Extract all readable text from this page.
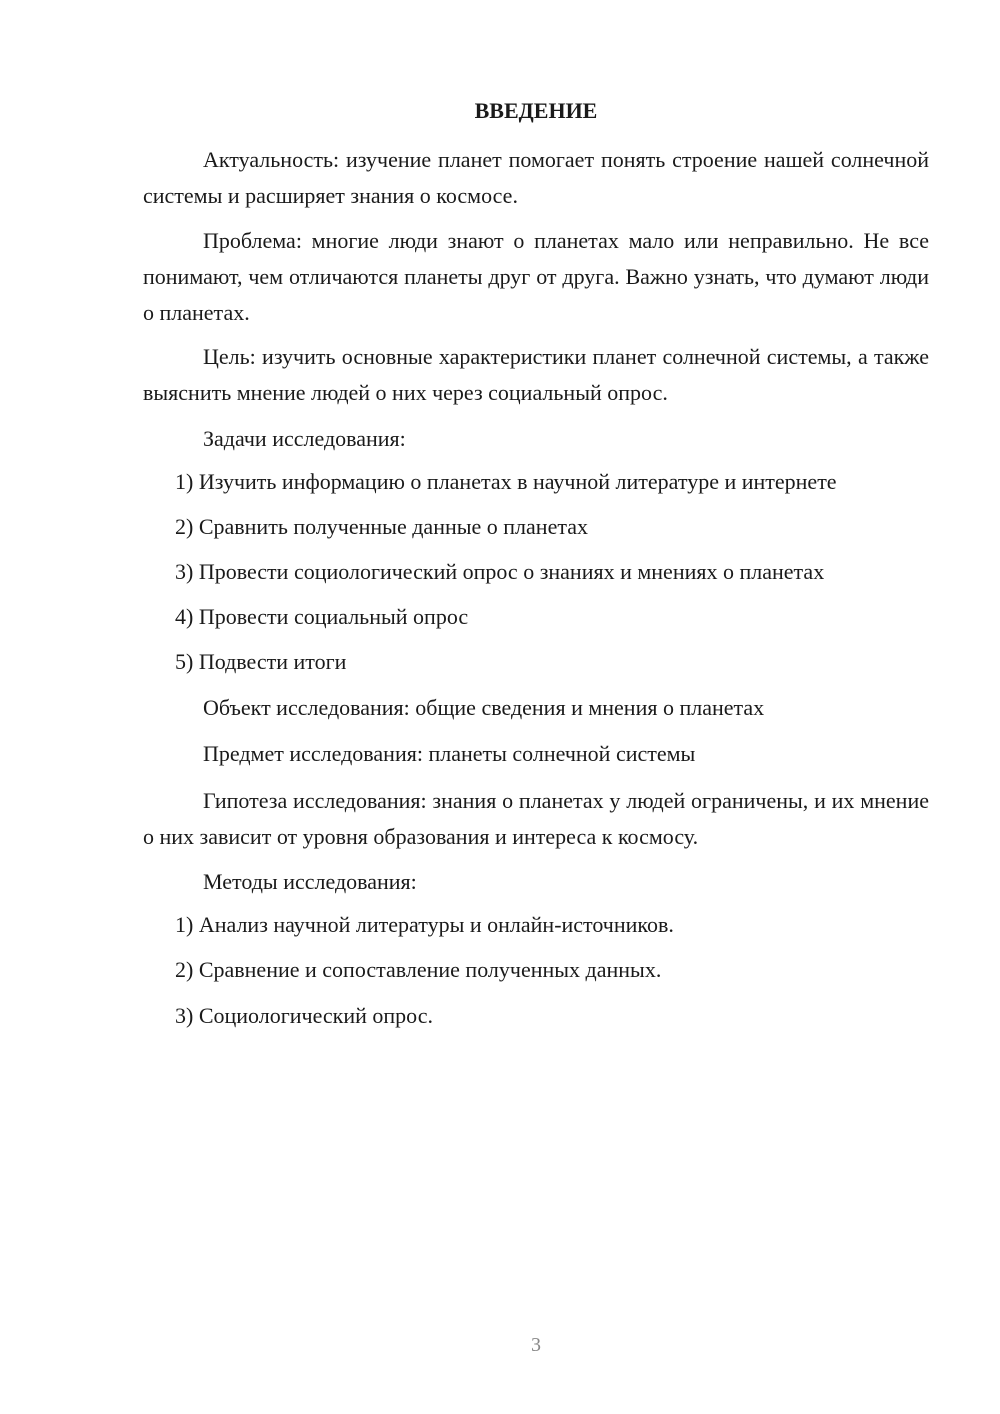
ВВЕДЕНИЕ

Актуальность: изучение планет помогает понять строение нашей солнечной системы и расширяет знания о космосе.

Проблема: многие люди знают о планетах мало или неправильно. Не все понимают, чем отличаются планеты друг от друга. Важно узнать, что думают люди о планетах.

Цель: изучить основные характеристики планет солнечной системы, а также выяснить мнение людей о них через социальный опрос.

Задачи исследования:

1) Изучить информацию о планетах в научной литературе и интернете
2) Сравнить полученные данные о планетах
3) Провести социологический опрос о знаниях и мнениях о планетах
4) Провести социальный опрос
5) Подвести итоги

Объект исследования: общие сведения и мнения о планетах

Предмет исследования: планеты солнечной системы

Гипотеза исследования: знания о планетах у людей ограничены, и их мнение о них зависит от уровня образования и интереса к космосу.

Методы исследования:

1) Анализ научной литературы и онлайн-источников.
2) Сравнение и сопоставление полученных данных.
3) Социологический опрос.
3
